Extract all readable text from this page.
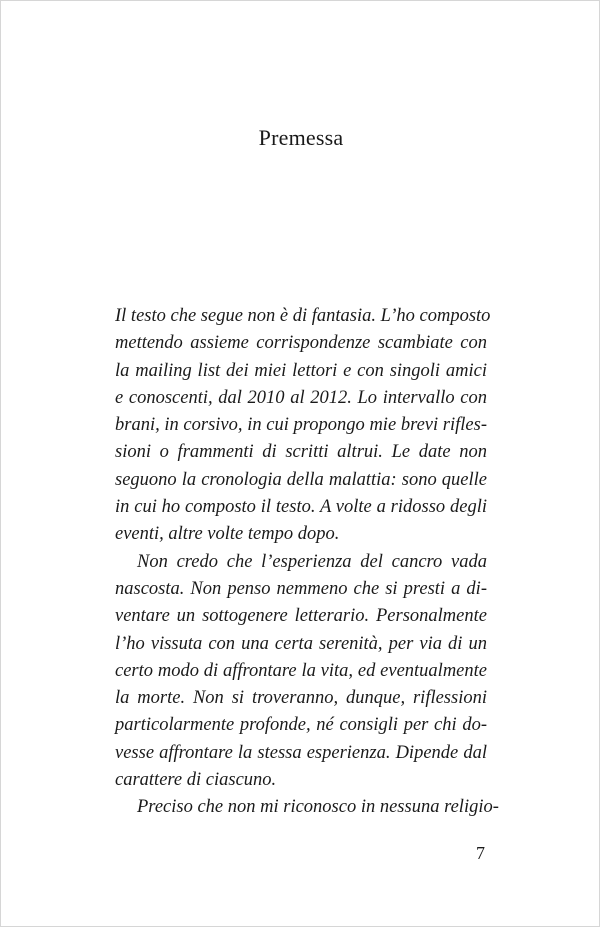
Premessa
Il testo che segue non è di fantasia. L’ho composto
mettendo assieme corrispondenze scambiate con
la mailing list dei miei lettori e con singoli amici
e conoscenti, dal 2010 al 2012. Lo intervallo con
brani, in corsivo, in cui propongo mie brevi rifles-
sioni o frammenti di scritti altrui. Le date non
seguono la cronologia della malattia: sono quelle
in cui ho composto il testo. A volte a ridosso degli
eventi, altre volte tempo dopo.
Non credo che l’esperienza del cancro vada
nascosta. Non penso nemmeno che si presti a di-
ventare un sottogenere letterario. Personalmente
l’ho vissuta con una certa serenità, per via di un
certo modo di affrontare la vita, ed eventualmente
la morte. Non si troveranno, dunque, riflessioni
particolarmente profonde, né consigli per chi do-
vesse affrontare la stessa esperienza. Dipende dal
carattere di ciascuno.
Preciso che non mi riconosco in nessuna religio-
7
